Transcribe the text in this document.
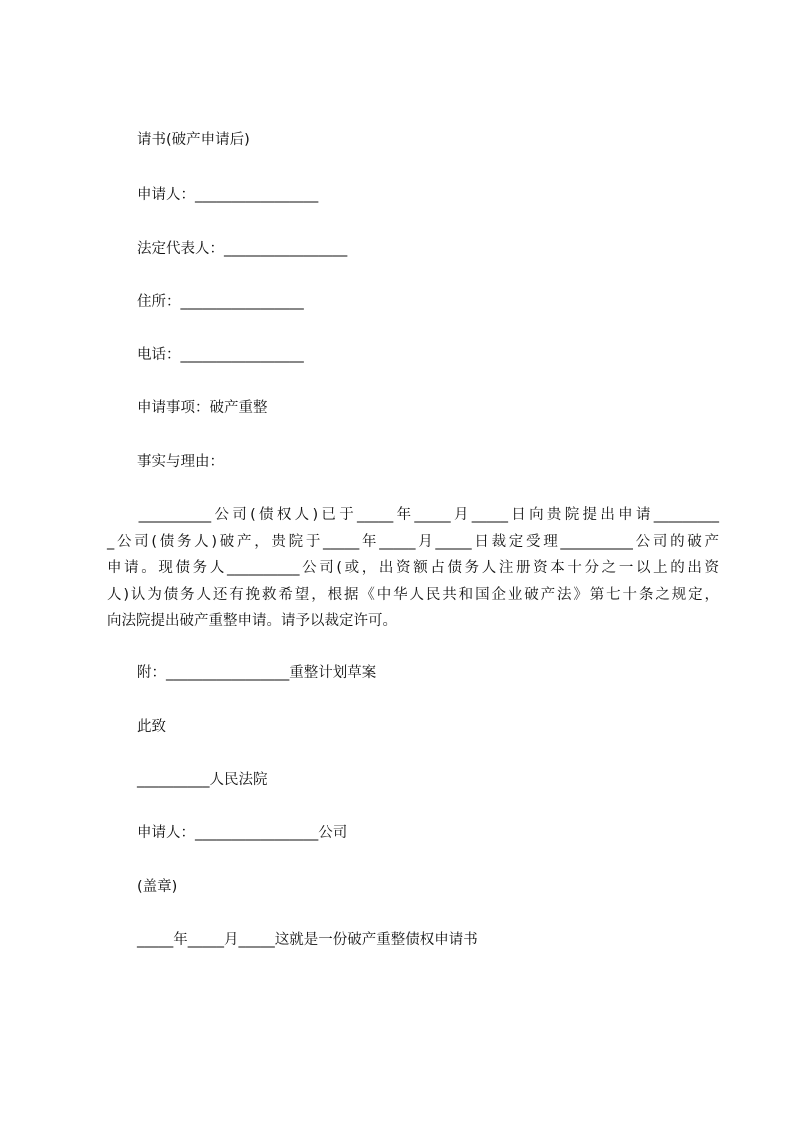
请书(破产申请后)
申请人：_________________
法定代表人：_________________
住所：_________________
电话：_________________
申请事项：破产重整
事实与理由：
__________公司(债权人)已于_____年_____月_____日向贵院提出申请_________
_公司(债务人)破产，贵院于_____年_____月_____日裁定受理__________公司的破产
申请。现债务人__________公司(或，出资额占债务人注册资本十分之一以上的出资
人)认为债务人还有挽救希望，根据《中华人民共和国企业破产法》第七十条之规定，
向法院提出破产重整申请。请予以裁定许可。
附：_________________重整计划草案
此致
__________人民法院
申请人：_________________公司
(盖章)
_____年_____月_____这就是一份破产重整债权申请书
